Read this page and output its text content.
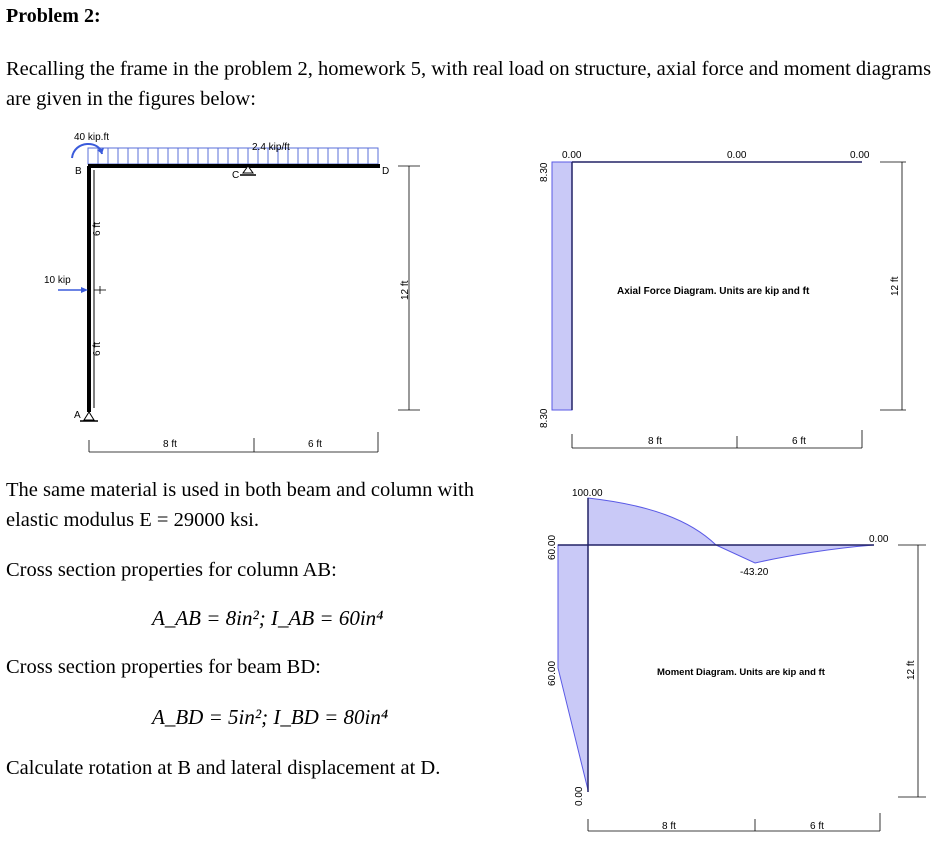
Problem 2:
Recalling the frame in the problem 2, homework 5, with real load on structure, axial force and moment diagrams are given in the figures below:
40 kip.ft
2.4 kip/ft
B	C	D
A
10 kip
6 ft
6 ft
12 ft
8 ft	6 ft
8.30
8.30
0.00	0.00	0.00
Axial Force Diagram. Units are kip and ft	12 ft
8 ft	6 ft
100.00
-43.20
0.00
60.00
60.00
0.00
Moment Diagram. Units are kip and ft	12 ft
8 ft	6 ft
The same material is used in both beam and column with
elastic modulus E = 29000 ksi.
Cross section properties for column AB:
A_AB = 8in²; I_AB = 60in⁴
Cross section properties for beam BD:
A_BD = 5in²; I_BD = 80in⁴
Calculate rotation at B and lateral displacement at D.
